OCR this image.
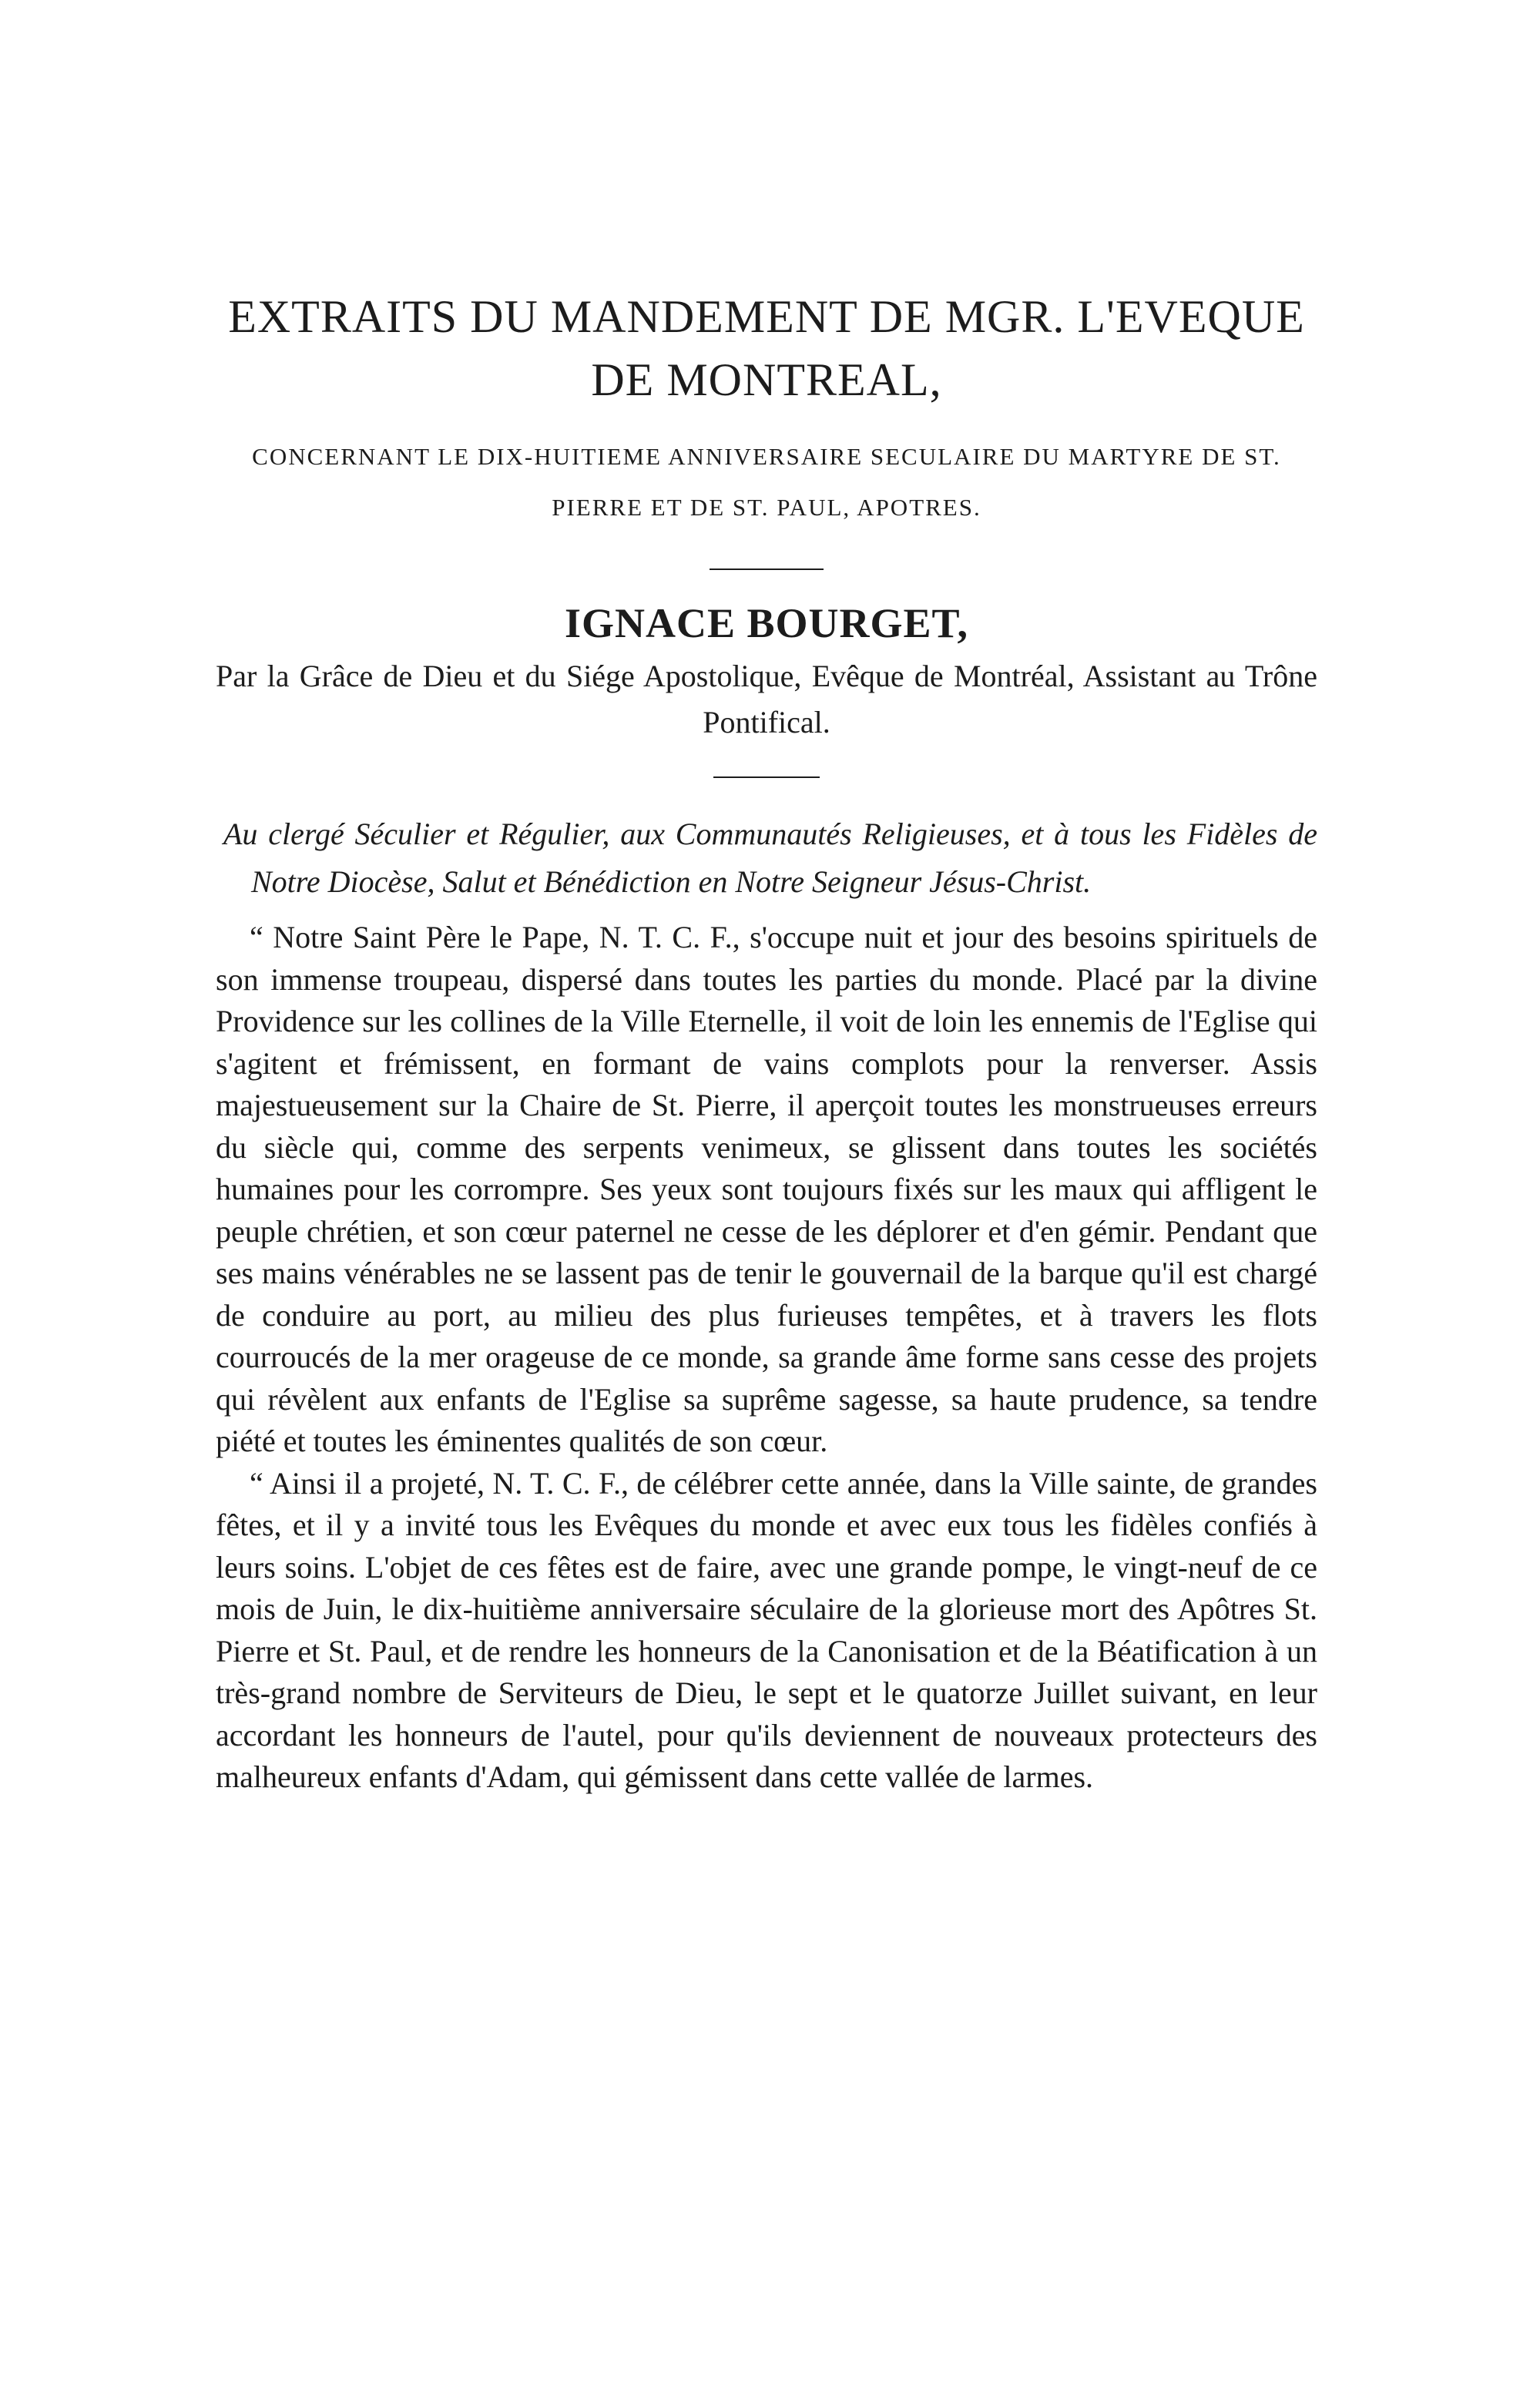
EXTRAITS DU MANDEMENT DE MGR. L'EVEQUE DE MONTREAL,

CONCERNANT LE DIX-HUITIEME ANNIVERSAIRE SECULAIRE DU MARTYRE DE ST. PIERRE ET DE ST. PAUL, APOTRES.

IGNACE BOURGET,

Par la Grâce de Dieu et du Siége Apostolique, Evêque de Montréal, Assistant au Trône Pontifical.

Au clergé Séculier et Régulier, aux Communautés Religieuses, et à tous les Fidèles de Notre Diocèse, Salut et Bénédiction en Notre Seigneur Jésus-Christ.

“ Notre Saint Père le Pape, N. T. C. F., s'occupe nuit et jour des besoins spirituels de son immense troupeau, dispersé dans toutes les parties du monde. Placé par la divine Providence sur les collines de la Ville Eternelle, il voit de loin les ennemis de l'Eglise qui s'agitent et frémissent, en formant de vains complots pour la renverser. Assis majestueusement sur la Chaire de St. Pierre, il aperçoit toutes les monstrueuses erreurs du siècle qui, comme des serpents venimeux, se glissent dans toutes les sociétés humaines pour les corrompre. Ses yeux sont toujours fixés sur les maux qui affligent le peuple chrétien, et son cœur paternel ne cesse de les déplorer et d'en gémir. Pendant que ses mains vénérables ne se lassent pas de tenir le gouvernail de la barque qu'il est chargé de conduire au port, au milieu des plus furieuses tempêtes, et à travers les flots courroucés de la mer orageuse de ce monde, sa grande âme forme sans cesse des projets qui révèlent aux enfants de l'Eglise sa suprême sagesse, sa haute prudence, sa tendre piété et toutes les éminentes qualités de son cœur.

“ Ainsi il a projeté, N. T. C. F., de célébrer cette année, dans la Ville sainte, de grandes fêtes, et il y a invité tous les Evêques du monde et avec eux tous les fidèles confiés à leurs soins. L'objet de ces fêtes est de faire, avec une grande pompe, le vingt-neuf de ce mois de Juin, le dix-huitième anniversaire séculaire de la glorieuse mort des Apôtres St. Pierre et St. Paul, et de rendre les honneurs de la Canonisation et de la Béatification à un très-grand nombre de Serviteurs de Dieu, le sept et le quatorze Juillet suivant, en leur accordant les honneurs de l'autel, pour qu'ils deviennent de nouveaux protecteurs des malheureux enfants d'Adam, qui gémissent dans cette vallée de larmes.
